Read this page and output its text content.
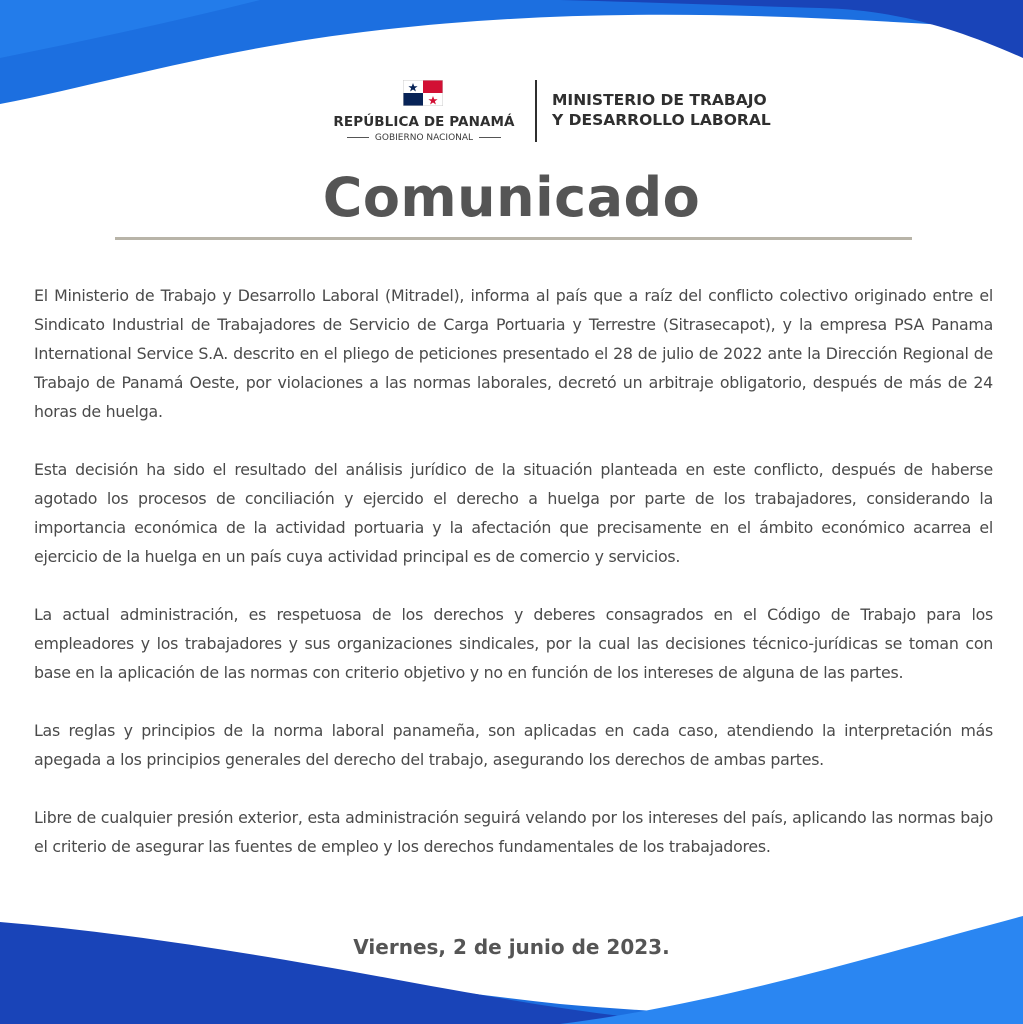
REPÚBLICA DE PANAMÁ
GOBIERNO NACIONAL
MINISTERIO DE TRABAJO
Y DESARROLLO LABORAL
Comunicado

El Ministerio de Trabajo y Desarrollo Laboral (Mitradel), informa al país que a raíz del conflicto colectivo originado entre el Sindicato Industrial de Trabajadores de Servicio de Carga Portuaria y Terrestre (Sitrasecapot), y la empresa PSA Panama International Service S.A. descrito en el pliego de peticiones presentado el 28 de julio de 2022 ante la Dirección Regional de Trabajo de Panamá Oeste, por violaciones a las normas laborales, decretó un arbitraje obligatorio, después de más de 24 horas de huelga.

Esta decisión ha sido el resultado del análisis jurídico de la situación planteada en este conflicto, después de haberse agotado los procesos de conciliación y ejercido el derecho a huelga por parte de los trabajadores, considerando la importancia económica de la actividad portuaria y la afectación que precisamente en el ámbito económico acarrea el ejercicio de la huelga en un país cuya actividad principal es de comercio y servicios.

La actual administración, es respetuosa de los derechos y deberes consagrados en el Código de Trabajo para los empleadores y los trabajadores y sus organizaciones sindicales, por la cual las decisiones técnico-jurídicas se toman con base en la aplicación de las normas con criterio objetivo y no en función de los intereses de alguna de las partes.

Las reglas y principios de la norma laboral panameña, son aplicadas en cada caso, atendiendo la interpretación más apegada a los principios generales del derecho del trabajo, asegurando los derechos de ambas partes.

Libre de cualquier presión exterior, esta administración seguirá velando por los intereses del país, aplicando las normas bajo el criterio de asegurar las fuentes de empleo y los derechos fundamentales de los trabajadores.

Viernes, 2 de junio de 2023.
